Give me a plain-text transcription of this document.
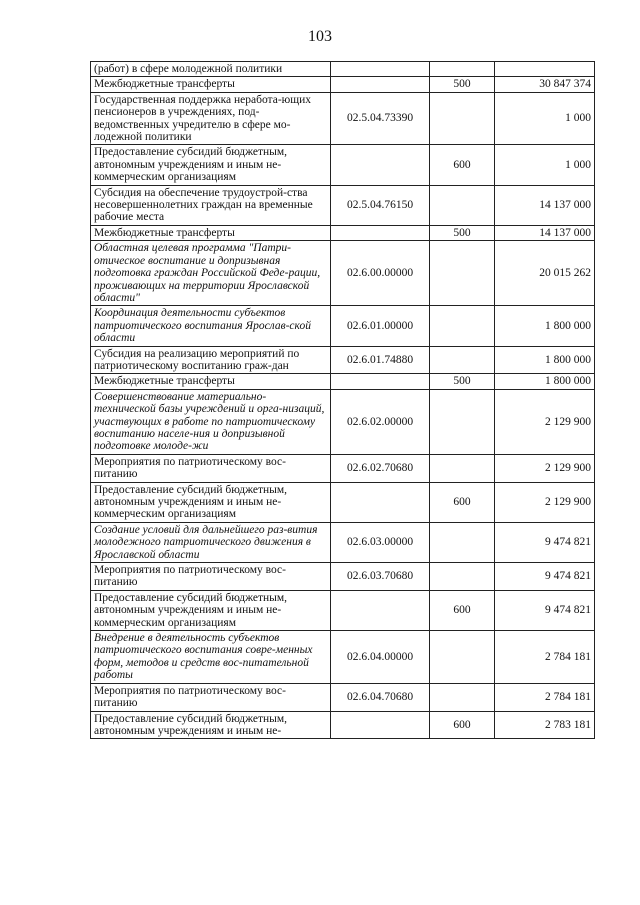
103
(работ) в сфере молодежной политики			
Межбюджетные трансферты		500	30 847 374
Государственная поддержка неработа-ющих пенсионеров в учреждениях, под-ведомственных учредителю в сфере мо-лодежной политики	02.5.04.73390		1 000
Предоставление субсидий бюджетным, автономным учреждениям и иным не-коммерческим организациям		600	1 000
Субсидия на обеспечение трудоустрой-ства несовершеннолетних граждан на временные рабочие места	02.5.04.76150		14 137 000
Межбюджетные трансферты		500	14 137 000
Областная целевая программа "Патри-отическое воспитание и допризывная подготовка граждан Российской Феде-рации, проживающих на территории Ярославской области"	02.6.00.00000		20 015 262
Координация деятельности субъектов патриотического воспитания Ярослав-ской области	02.6.01.00000		1 800 000
Субсидия на реализацию мероприятий по патриотическому воспитанию граж-дан	02.6.01.74880		1 800 000
Межбюджетные трансферты		500	1 800 000
Совершенствование материально-технической базы учреждений и орга-низаций, участвующих в работе по патриотическому воспитанию населе-ния и допризывной подготовке молоде-жи	02.6.02.00000		2 129 900
Мероприятия по патриотическому вос-питанию	02.6.02.70680		2 129 900
Предоставление субсидий бюджетным, автономным учреждениям и иным не-коммерческим организациям		600	2 129 900
Создание условий для дальнейшего раз-вития молодежного патриотического движения в Ярославской области	02.6.03.00000		9 474 821
Мероприятия по патриотическому вос-питанию	02.6.03.70680		9 474 821
Предоставление субсидий бюджетным, автономным учреждениям и иным не-коммерческим организациям		600	9 474 821
Внедрение в деятельность субъектов патриотического воспитания совре-менных форм, методов и средств вос-питательной работы	02.6.04.00000		2 784 181
Мероприятия по патриотическому вос-питанию	02.6.04.70680		2 784 181
Предоставление субсидий бюджетным, автономным учреждениям и иным не-		600	2 783 181
